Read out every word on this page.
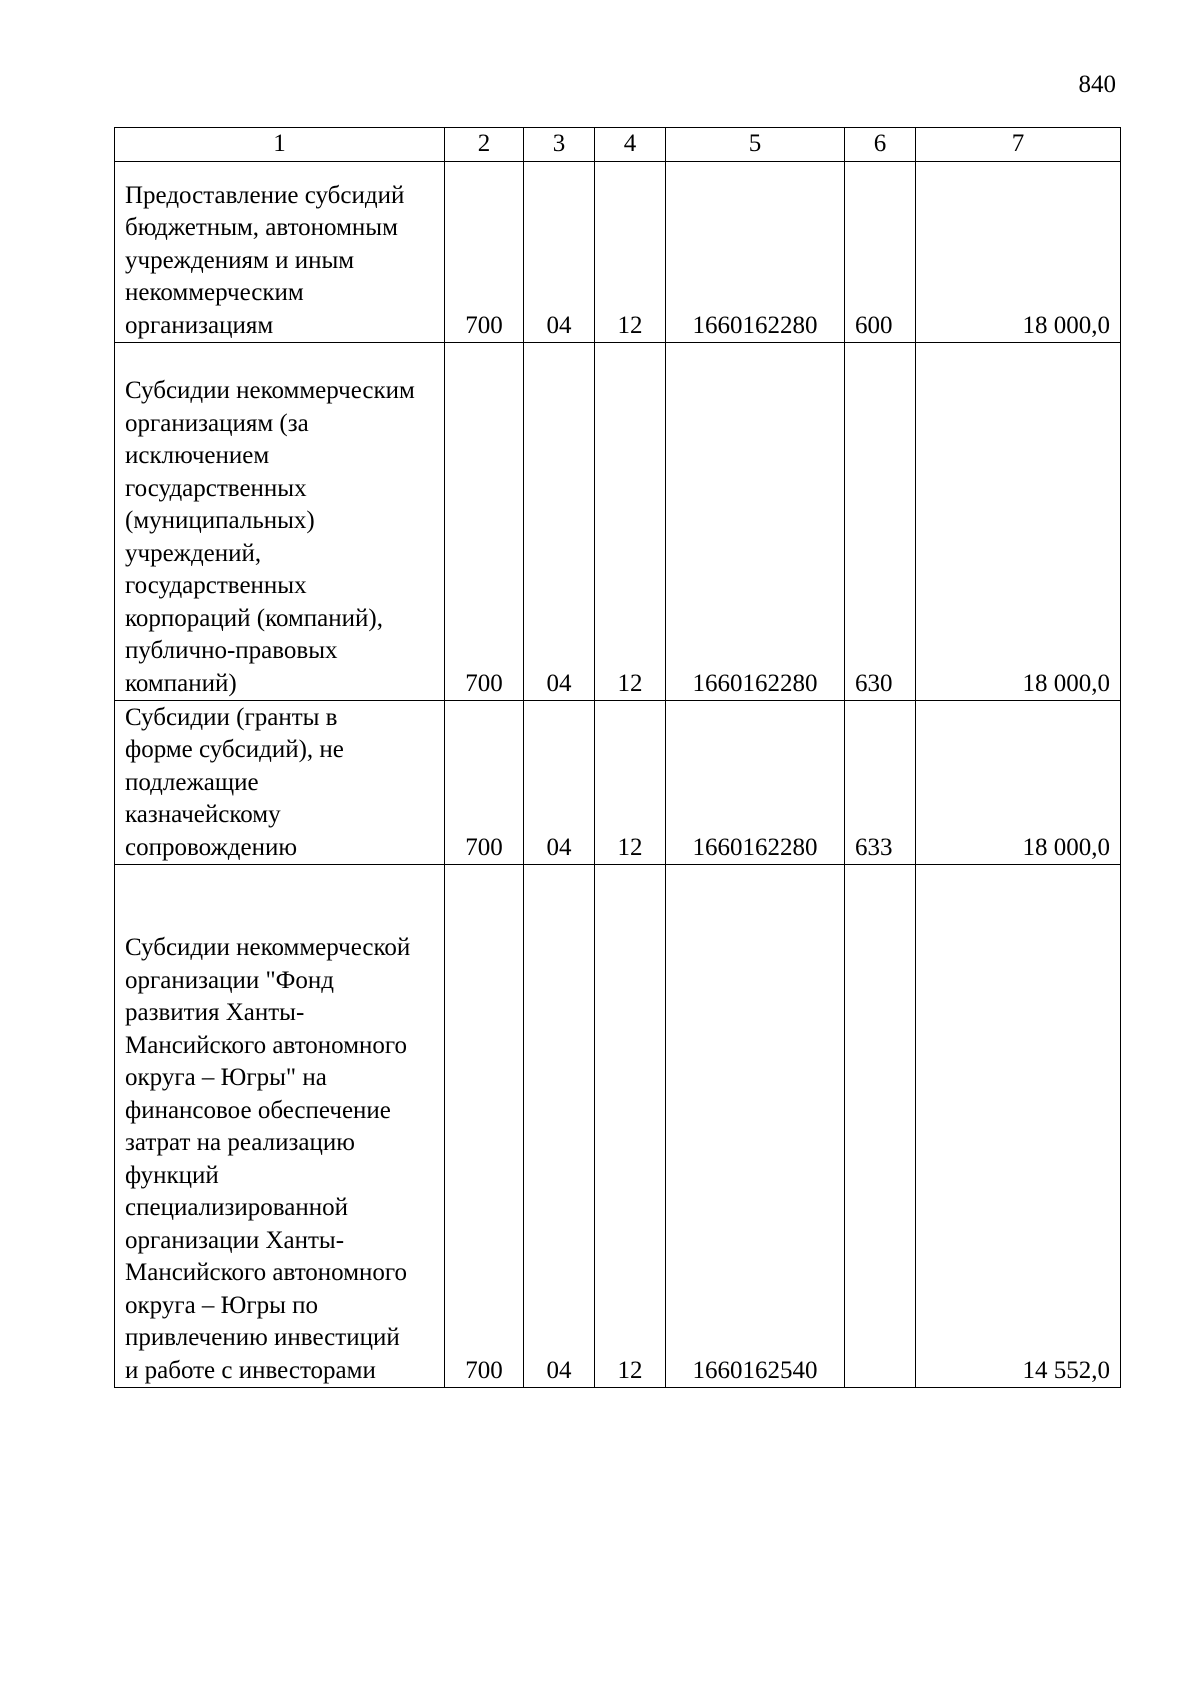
840
1	2	3	4	5	6	7
Предоставление субсидий бюджетным, автономным учреждениям и иным некоммерческим организациям	700	04	12	1660162280	600	18 000,0
Субсидии некоммерческим организациям (за исключением государственных (муниципальных) учреждений, государственных корпораций (компаний), публично-правовых компаний)	700	04	12	1660162280	630	18 000,0
Субсидии (гранты в форме субсидий), не подлежащие казначейскому сопровождению	700	04	12	1660162280	633	18 000,0
Субсидии некоммерческой организации "Фонд развития Ханты-Мансийского автономного округа – Югры" на финансовое обеспечение затрат на реализацию функций специализированной организации Ханты-Мансийского автономного округа – Югры по привлечению инвестиций и работе с инвесторами	700	04	12	1660162540		14 552,0
